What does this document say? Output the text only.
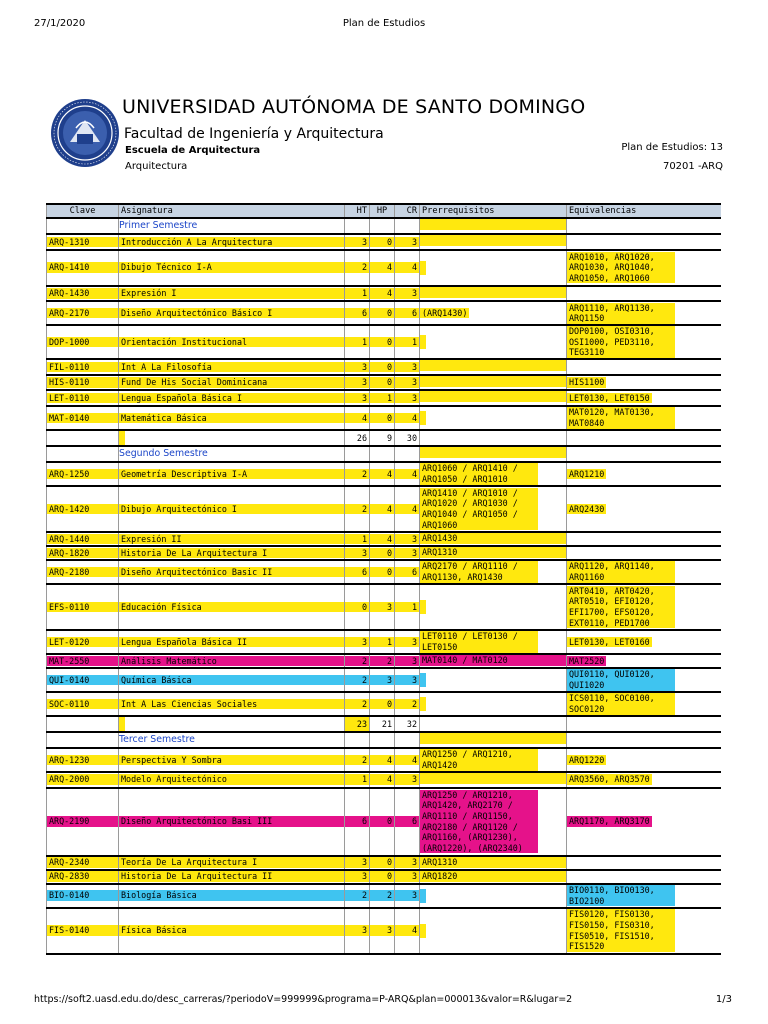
27/1/2020	Plan de Estudios
UNIVERSIDAD AUTÓNOMA DE SANTO DOMINGO
Facultad de Ingeniería y Arquitectura
Escuela de Arquitectura
Arquitectura
Plan de Estudios: 13
70201 -ARQ
Clave	Asignatura	HT	HP	CR	Prerrequisitos	Equivalencias
	Primer Semestre					
ARQ-1310	Introducción A La Arquitectura	3	0	3		
ARQ-1410	Dibujo Técnico I-A	2	4	4		ARQ1010, ARQ1020, ARQ1030, ARQ1040, ARQ1050, ARQ1060
ARQ-1430	Expresión I	1	4	3		
ARQ-2170	Diseño Arquitectónico Básico I	6	0	6	(ARQ1430)	ARQ1110, ARQ1130, ARQ1150
DOP-1000	Orientación Institucional	1	0	1		DOP0100, OSI0310, OSI1000, PED3110, TEG3110
FIL-0110	Int A La Filosofía	3	0	3		
HIS-0110	Fund De His Social Dominicana	3	0	3		HIS1100
LET-0110	Lengua Española Básica I	3	1	3		LET0130, LET0150
MAT-0140	Matemática Básica	4	0	4		MAT0120, MAT0130, MAT0840
		26	9	30		
	Segundo Semestre					
ARQ-1250	Geometría Descriptiva I-A	2	4	4	ARQ1060 / ARQ1410 / ARQ1050 / ARQ1010	ARQ1210
ARQ-1420	Dibujo Arquitectónico I	2	4	4	ARQ1410 / ARQ1010 / ARQ1020 / ARQ1030 / ARQ1040 / ARQ1050 / ARQ1060	ARQ2430
ARQ-1440	Expresión II	1	4	3	ARQ1430	
ARQ-1820	Historia De La Arquitectura I	3	0	3	ARQ1310	
ARQ-2180	Diseño Arquitectónico Basic II	6	0	6	ARQ2170 / ARQ1110 / ARQ1130, ARQ1430	ARQ1120, ARQ1140, ARQ1160
EFS-0110	Educación Física	0	3	1		ART0410, ART0420, ART0510, EFI0120, EFI1700, EFS0120, EXT0110, PED1700
LET-0120	Lengua Española Básica II	3	1	3	LET0110 / LET0130 / LET0150	LET0130, LET0160
MAT-2550	Análisis Matemático	2	2	3	MAT0140 / MAT0120	MAT2520
QUI-0140	Química Básica	2	3	3		QUI0110, QUI0120, QUI1020
SOC-0110	Int A Las Ciencias Sociales	2	0	2		ICS0110, SOC0100, SOC0120
		23	21	32		
	Tercer Semestre					
ARQ-1230	Perspectiva Y Sombra	2	4	4	ARQ1250 / ARQ1210, ARQ1420	ARQ1220
ARQ-2000	Modelo Arquitectónico	1	4	3		ARQ3560, ARQ3570
ARQ-2190	Diseño Arquitectónico Basi III	6	0	6	ARQ1250 / ARQ1210, ARQ1420, ARQ2170 / ARQ1110 / ARQ1150, ARQ2180 / ARQ1120 / ARQ1160, (ARQ1230), (ARQ1220), (ARQ2340)	ARQ1170, ARQ3170
ARQ-2340	Teoría De La Arquitectura I	3	0	3	ARQ1310	
ARQ-2830	Historia De La Arquitectura II	3	0	3	ARQ1820	
BIO-0140	Biología Básica	2	2	3		BIO0110, BIO0130, BIO2100
FIS-0140	Física Básica	3	3	4		FIS0120, FIS0130, FIS0150, FIS0310, FIS0510, FIS1510, FIS1520
https://soft2.uasd.edu.do/desc_carreras/?periodoV=999999&programa=P-ARQ&plan=000013&valor=R&lugar=2	1/3
